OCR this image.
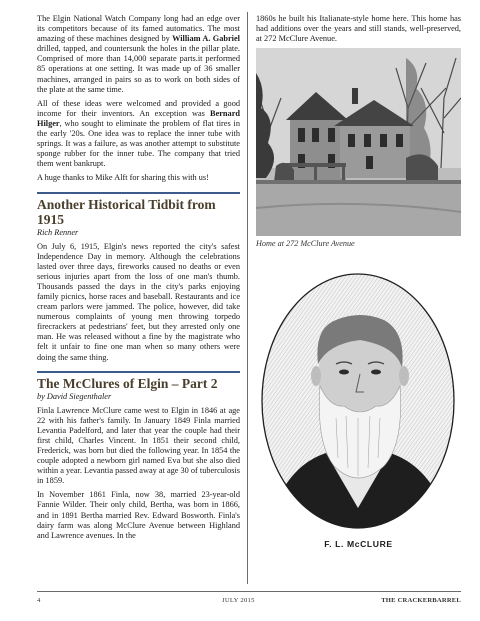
The Elgin National Watch Company long had an edge over its competitors because of its famed automatics. The most amazing of these machines designed by William A. Gabriel drilled, tapped, and countersunk the holes in the pillar plate. Comprised of more than 14,000 separate parts.it performed 85 operations at one setting. It was made up of 36 smaller machines, arranged in pairs so as to work on both sides of the plate at the same time.

All of these ideas were welcomed and provided a good income for their inventors. An exception was Bernard Hilger, who sought to eliminate the problem of flat tires in the early '20s. One idea was to replace the inner tube with springs. It was a failure, as was another attempt to substitute sponge rubber for the inner tube. The company that tried them went bankrupt.

A huge thanks to Mike Alft for sharing this with us!

Another Historical Tidbit from 1915
Rich Renner

On July 6, 1915, Elgin's news reported the city's safest Independence Day in memory. Although the celebrations lasted over three days, fireworks caused no deaths or even serious injuries apart from the loss of one man's thumb. Thousands passed the days in the city's parks enjoying family picnics, horse races and baseball. Restaurants and ice cream parlors were jammed. The police, however, did take numerous complaints of young men throwing torpedo firecrackers at pedestrians' feet, but they arrested only one man. He was released without a fine by the magistrate who felt it unfair to fine one man when so many others were doing the same thing.

The McClures of Elgin – Part 2
by David Siegenthaler

Finla Lawrence McClure came west to Elgin in 1846 at age 22 with his father's family. In January 1849 Finla married Levantia Padelford, and later that year the couple had their first child, Charles Vincent. In 1851 their second child, Frederick, was born but died the following year. In 1854 the couple adopted a newborn girl named Eva but she also died within a year. Levantia passed away at age 30 of tuberculosis in 1859.

In November 1861 Finla, now 38, married 23-year-old Fannie Wilder. Their only child, Bertha, was born in 1866, and in 1891 Bertha married Rev. Edward Bosworth. Finla's dairy farm was along McClure Avenue between Highland and Lawrence avenues. In the

1860s he built his Italianate-style home here. This home has had additions over the years and still stands, well-preserved, at 272 McClure Avenue.

Home at 272 McClure Avenue
F. L. McCLURE
4	JULY 2015	THE CRACKERBARREL
